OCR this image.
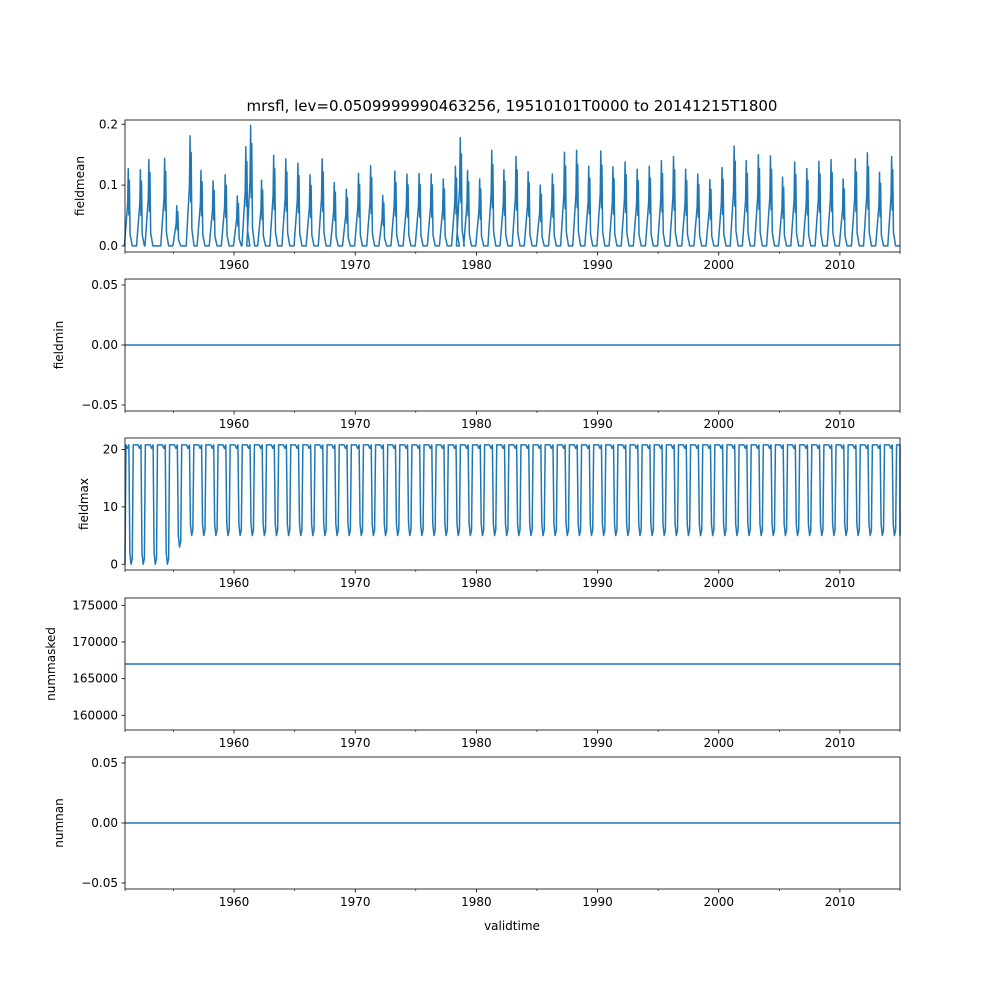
mrsfl, lev=0.0509999990463256, 19510101T0000 to 20141215T1800
validtime
0.0
0.1
0.2
1960	1970	1980	1990	2000	2010
fieldmean
−0.05
0.00
0.05
1960	1970	1980	1990	2000	2010
fieldmin
0
10
20
1960	1970	1980	1990	2000	2010
fieldmax
160000
165000
170000
175000
1960	1970	1980	1990	2000	2010
nummasked
−0.05
0.00
0.05
1960	1970	1980	1990	2000	2010
numnan
